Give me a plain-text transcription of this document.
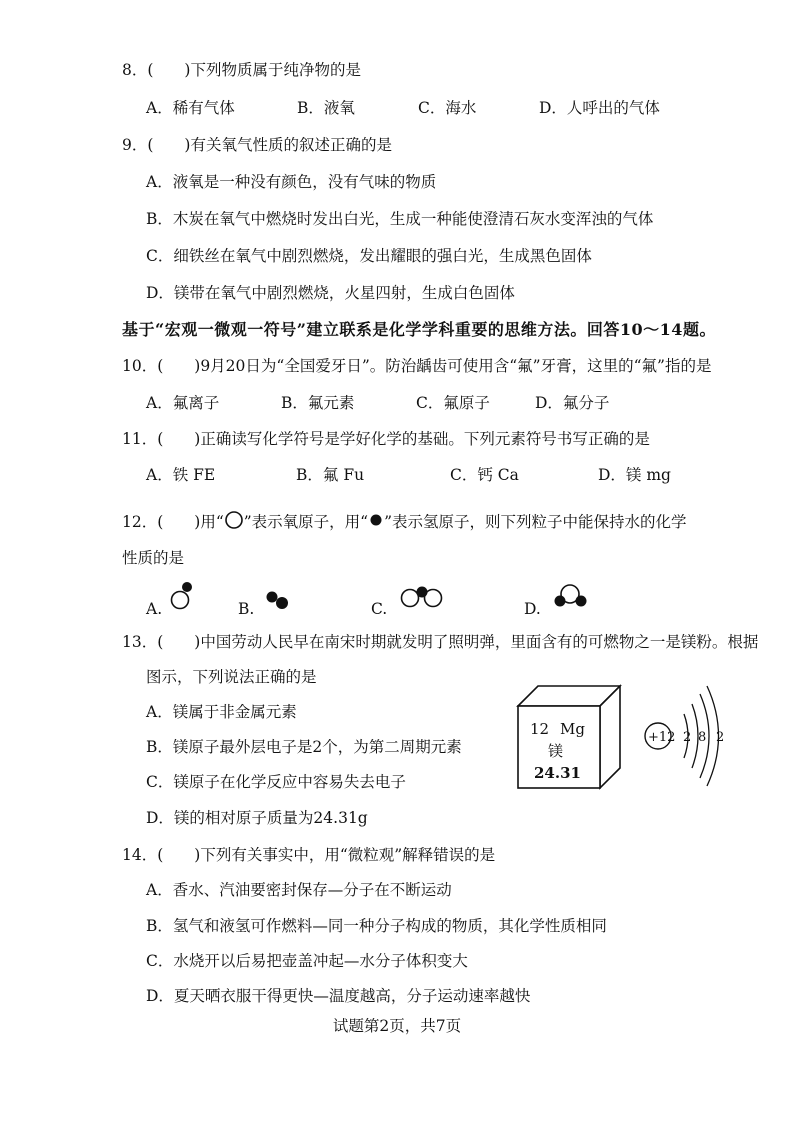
8．(　　)下列物质属于纯净物的是
A．稀有气体	B．液氧	C．海水	D．人呼出的气体
9．(　　)有关氧气性质的叙述正确的是
A．液氧是一种没有颜色，没有气味的物质
B．木炭在氧气中燃烧时发出白光，生成一种能使澄清石灰水变浑浊的气体
C．细铁丝在氧气中剧烈燃烧，发出耀眼的强白光，生成黑色固体
D．镁带在氧气中剧烈燃烧，火星四射，生成白色固体
基于“宏观一微观一符号”建立联系是化学学科重要的思维方法。回答10～14题。
10．(　　)9月20日为“全国爱牙日”。防治龋齿可使用含“氟”牙膏，这里的“氟”指的是
A．氟离子	B．氟元素	C．氟原子	D．氟分子
11．(　　)正确读写化学符号是学好化学的基础。下列元素符号书写正确的是
A．铁 FE	B．氟 Fu	C．钙 Ca	D．镁 mg
12．(　　)用“ ”表示氧原子，用“ ”表示氢原子，则下列粒子中能保持水的化学
性质的是
A.	B.	C.	D.
13．(　　)中国劳动人民早在南宋时期就发明了照明弹，里面含有的可燃物之一是镁粉。根据
图示，下列说法正确的是
A．镁属于非金属元素
B．镁原子最外层电子是2个，为第二周期元素
C．镁原子在化学反应中容易失去电子
D．镁的相对原子质量为24.31g
12 Mg
镁
24.31
+12 2 8 2
14．(　　)下列有关事实中，用“微粒观”解释错误的是
A．香水、汽油要密封保存—分子在不断运动
B．氢气和液氢可作燃料—同一种分子构成的物质，其化学性质相同
C．水烧开以后易把壶盖冲起—水分子体积变大
D．夏天晒衣服干得更快—温度越高，分子运动速率越快
试题第2页，共7页
